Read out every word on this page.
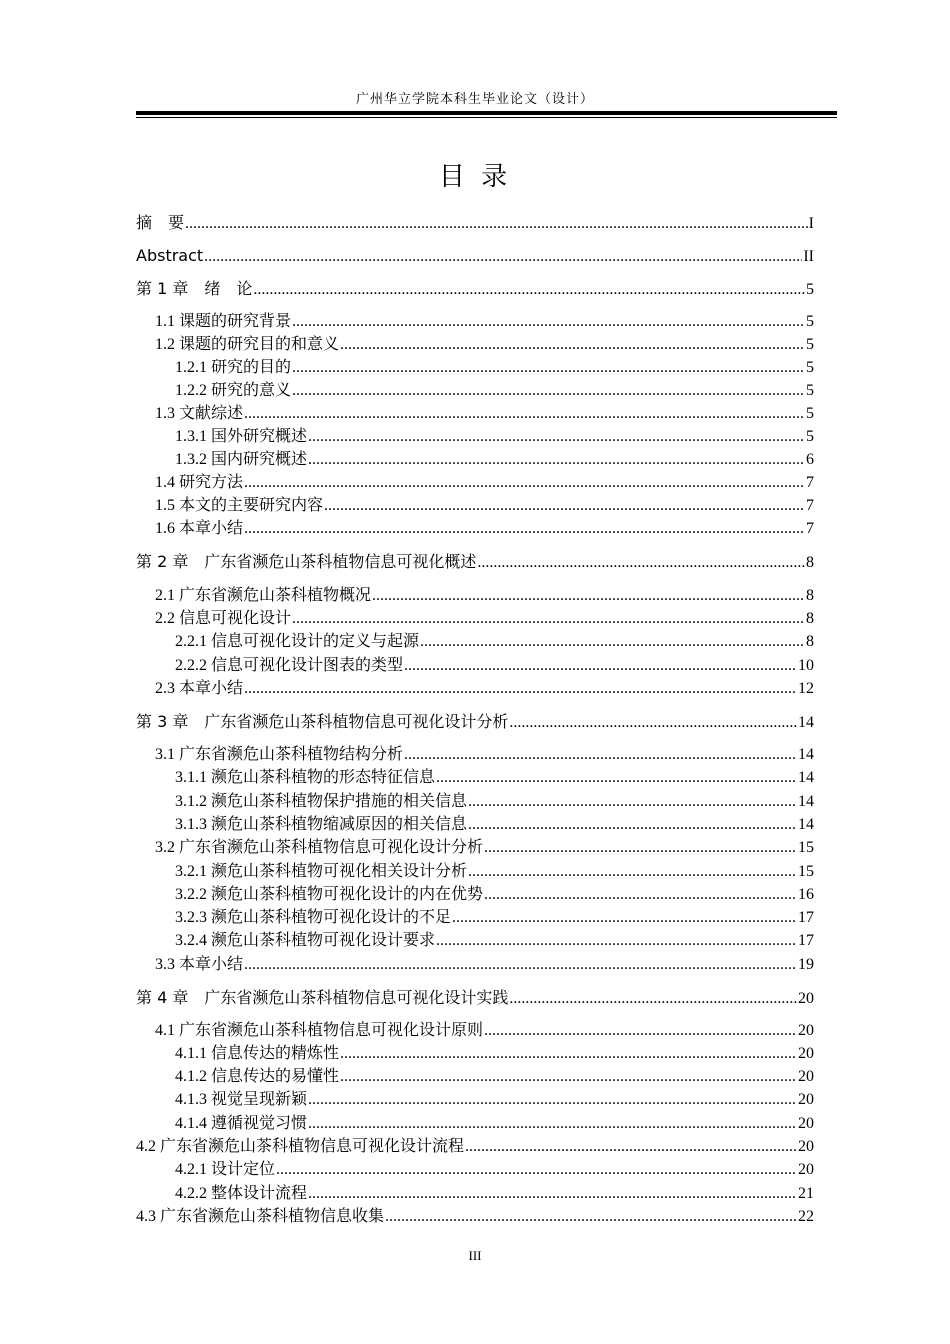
广州华立学院本科生毕业论文（设计）
目 录
摘　要 .....	I
Abstract .....	II
第 1 章　绪　论 .....	5
1.1 课题的研究背景 .....	5
1.2 课题的研究目的和意义 .....	5
1.2.1 研究的目的 .....	5
1.2.2 研究的意义 .....	5
1.3 文献综述 .....	5
1.3.1 国外研究概述 .....	5
1.3.2 国内研究概述 .....	6
1.4 研究方法 .....	7
1.5 本文的主要研究内容 .....	7
1.6 本章小结 .....	7
第 2 章　广东省濒危山茶科植物信息可视化概述 .....	8
2.1 广东省濒危山茶科植物概况 .....	8
2.2 信息可视化设计 .....	8
2.2.1 信息可视化设计的定义与起源 .....	8
2.2.2 信息可视化设计图表的类型 .....	10
2.3 本章小结 .....	12
第 3 章　广东省濒危山茶科植物信息可视化设计分析 .....	14
3.1 广东省濒危山茶科植物结构分析 .....	14
3.1.1 濒危山茶科植物的形态特征信息 .....	14
3.1.2 濒危山茶科植物保护措施的相关信息 .....	14
3.1.3 濒危山茶科植物缩减原因的相关信息 .....	14
3.2 广东省濒危山茶科植物信息可视化设计分析 .....	15
3.2.1 濒危山茶科植物可视化相关设计分析 .....	15
3.2.2 濒危山茶科植物可视化设计的内在优势 .....	16
3.2.3 濒危山茶科植物可视化设计的不足 .....	17
3.2.4 濒危山茶科植物可视化设计要求 .....	17
3.3 本章小结 .....	19
第 4 章　广东省濒危山茶科植物信息可视化设计实践 .....	20
4.1 广东省濒危山茶科植物信息可视化设计原则 .....	20
4.1.1 信息传达的精炼性 .....	20
4.1.2 信息传达的易懂性 .....	20
4.1.3 视觉呈现新颖 .....	20
4.1.4 遵循视觉习惯 .....	20
4.2 广东省濒危山茶科植物信息可视化设计流程 .....	20
4.2.1 设计定位 .....	20
4.2.2 整体设计流程 .....	21
4.3 广东省濒危山茶科植物信息收集 .....	22
III
